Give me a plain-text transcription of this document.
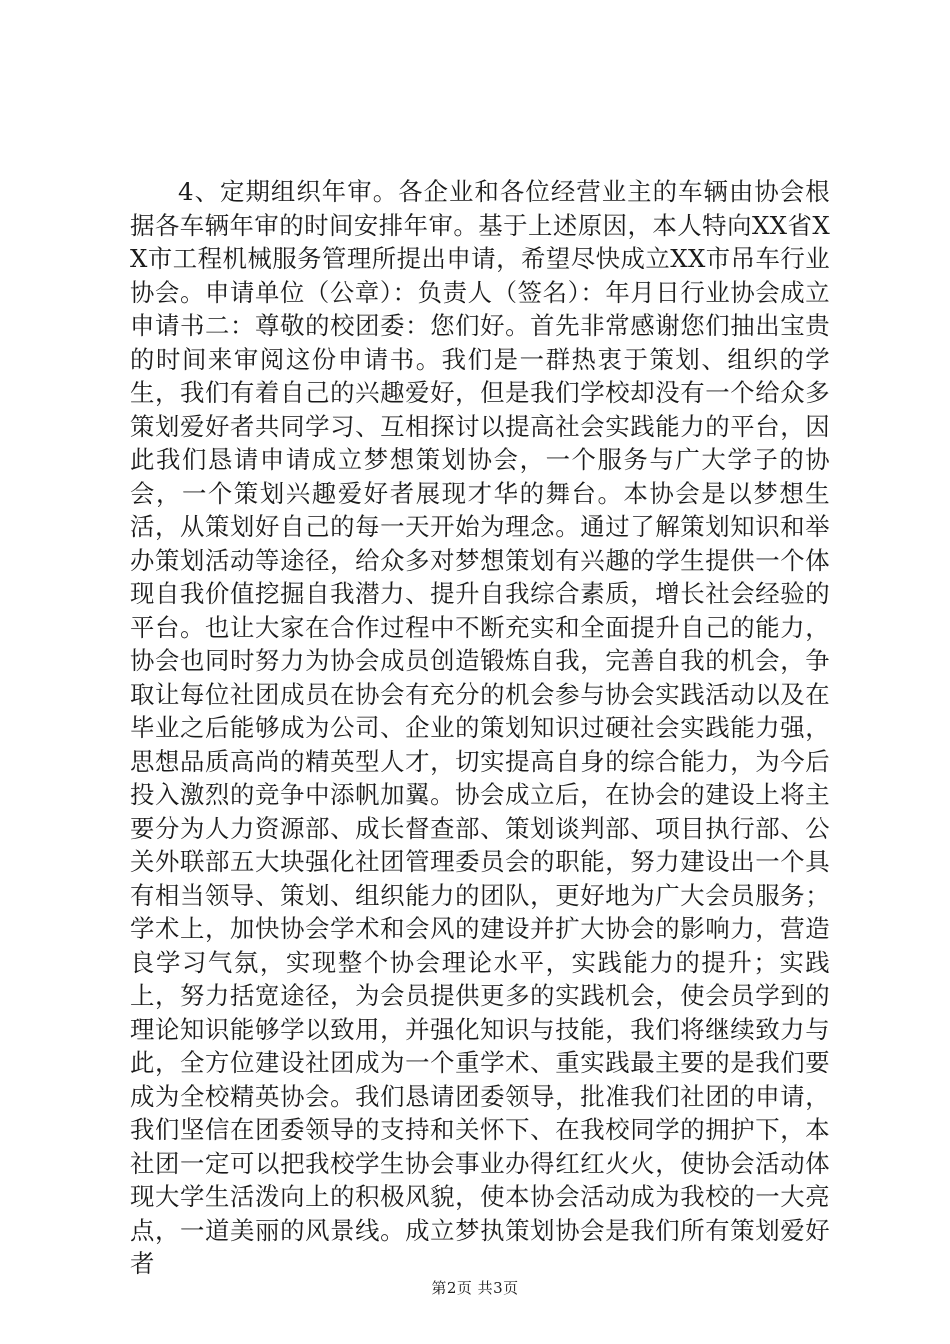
4、定期组织年审。各企业和各位经营业主的车辆由协会根据各车辆年审的时间安排年审。基于上述原因，本人特向XX省XX市工程机械服务管理所提出申请，希望尽快成立XX市吊车行业协会。申请单位（公章）：负责人（签名）：年月日行业协会成立申请书二：尊敬的校团委：您们好。首先非常感谢您们抽出宝贵的时间来审阅这份申请书。我们是一群热衷于策划、组织的学生，我们有着自己的兴趣爱好，但是我们学校却没有一个给众多策划爱好者共同学习、互相探讨以提高社会实践能力的平台，因此我们恳请申请成立梦想策划协会，一个服务与广大学子的协会，一个策划兴趣爱好者展现才华的舞台。本协会是以梦想生活，从策划好自己的每一天开始为理念。通过了解策划知识和举办策划活动等途径，给众多对梦想策划有兴趣的学生提供一个体现自我价值挖掘自我潜力、提升自我综合素质，增长社会经验的平台。也让大家在合作过程中不断充实和全面提升自己的能力，协会也同时努力为协会成员创造锻炼自我，完善自我的机会，争取让每位社团成员在协会有充分的机会参与协会实践活动以及在毕业之后能够成为公司、企业的策划知识过硬社会实践能力强，思想品质高尚的精英型人才，切实提高自身的综合能力，为今后投入激烈的竞争中添帆加翼。协会成立后，在协会的建设上将主要分为人力资源部、成长督查部、策划谈判部、项目执行部、公关外联部五大块强化社团管理委员会的职能，努力建设出一个具有相当领导、策划、组织能力的团队，更好地为广大会员服务；学术上，加快协会学术和会风的建设并扩大协会的影响力，营造良学习气氛，实现整个协会理论水平，实践能力的提升；实践上，努力括宽途径，为会员提供更多的实践机会，使会员学到的理论知识能够学以致用，并强化知识与技能，我们将继续致力与此，全方位建设社团成为一个重学术、重实践最主要的是我们要成为全校精英协会。我们恳请团委领导，批准我们社团的申请，我们坚信在团委领导的支持和关怀下、在我校同学的拥护下，本社团一定可以把我校学生协会事业办得红红火火，使协会活动体现大学生活泼向上的积极风貌，使本协会活动成为我校的一大亮点，一道美丽的风景线。成立梦执策划协会是我们所有策划爱好者

第2页 共3页
